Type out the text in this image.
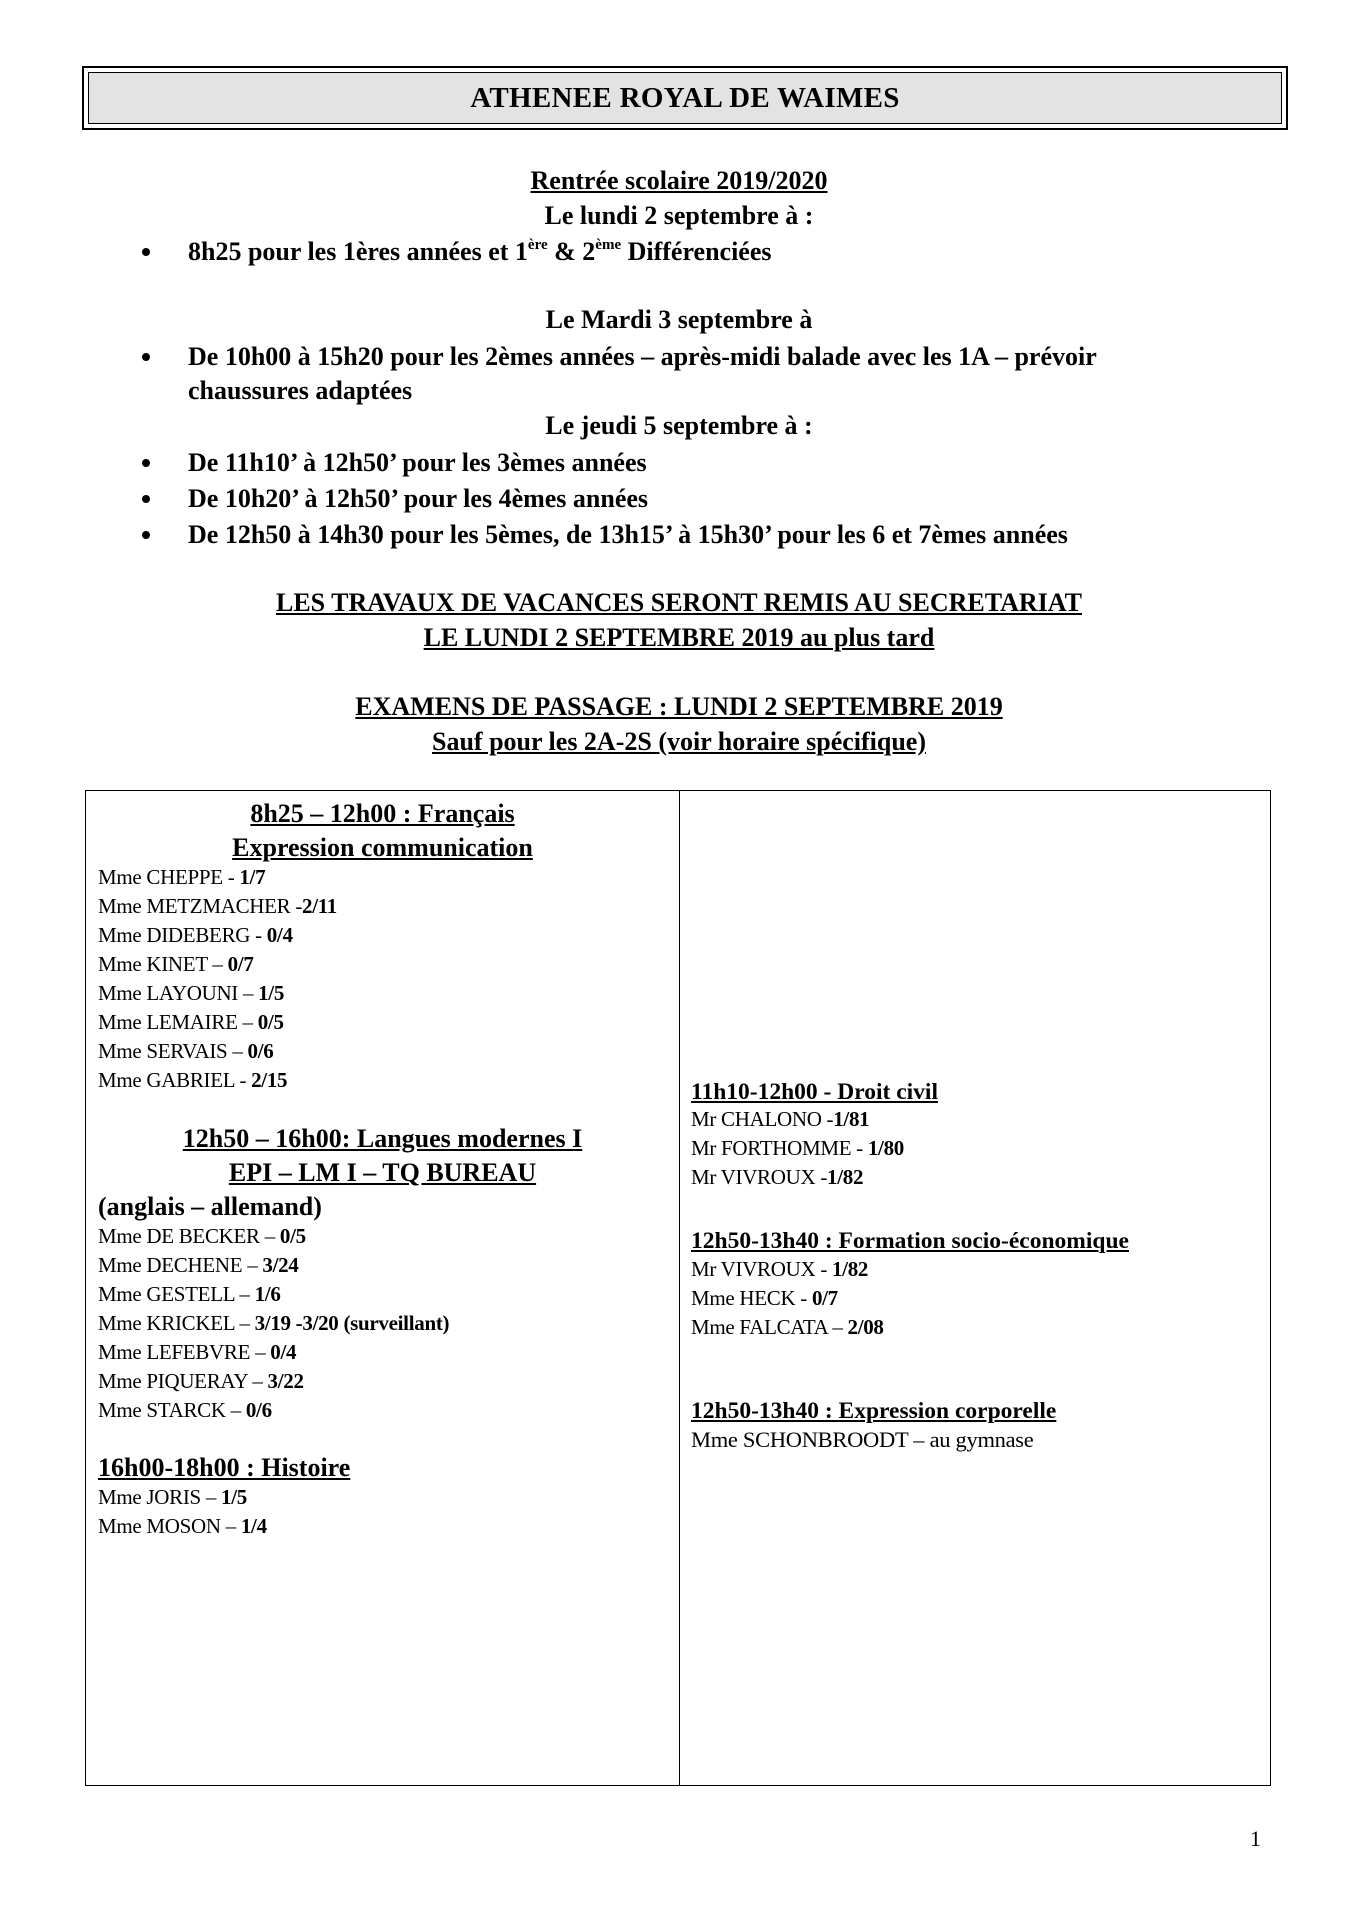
ATHENEE ROYAL DE WAIMES
Rentrée scolaire 2019/2020
Le lundi 2 septembre à :
8h25 pour les 1ères années et 1ère & 2ème Différenciées
Le Mardi 3 septembre à
De 10h00 à 15h20 pour les 2èmes années – après-midi balade avec les 1A – prévoir
chaussures adaptées
Le jeudi 5 septembre à :
De 11h10’ à 12h50’ pour les 3èmes années
De 10h20’ à 12h50’ pour les 4èmes années
De 12h50 à 14h30 pour les 5èmes, de 13h15’ à 15h30’ pour les 6 et 7èmes années
LES TRAVAUX DE VACANCES SERONT REMIS AU SECRETARIAT
LE LUNDI 2 SEPTEMBRE 2019 au plus tard
EXAMENS DE PASSAGE : LUNDI 2 SEPTEMBRE 2019
Sauf pour les 2A-2S (voir horaire spécifique)
8h25 – 12h00 : Français
Expression communication
Mme CHEPPE - 1/7
Mme METZMACHER -2/11
Mme DIDEBERG - 0/4
Mme KINET – 0/7
Mme LAYOUNI – 1/5
Mme LEMAIRE – 0/5
Mme SERVAIS – 0/6
Mme GABRIEL - 2/15
12h50 – 16h00: Langues modernes I
EPI – LM I – TQ BUREAU
(anglais – allemand)
Mme DE BECKER – 0/5
Mme DECHENE – 3/24
Mme GESTELL – 1/6
Mme KRICKEL – 3/19 -3/20 (surveillant)
Mme LEFEBVRE – 0/4
Mme PIQUERAY – 3/22
Mme STARCK – 0/6
16h00-18h00 : Histoire
Mme JORIS – 1/5
Mme MOSON – 1/4
11h10-12h00 - Droit civil
Mr CHALONO -1/81
Mr FORTHOMME - 1/80
Mr VIVROUX -1/82
12h50-13h40 : Formation socio-économique
Mr VIVROUX - 1/82
Mme HECK - 0/7
Mme FALCATA – 2/08
12h50-13h40 : Expression corporelle
Mme SCHONBROODT – au gymnase
1
